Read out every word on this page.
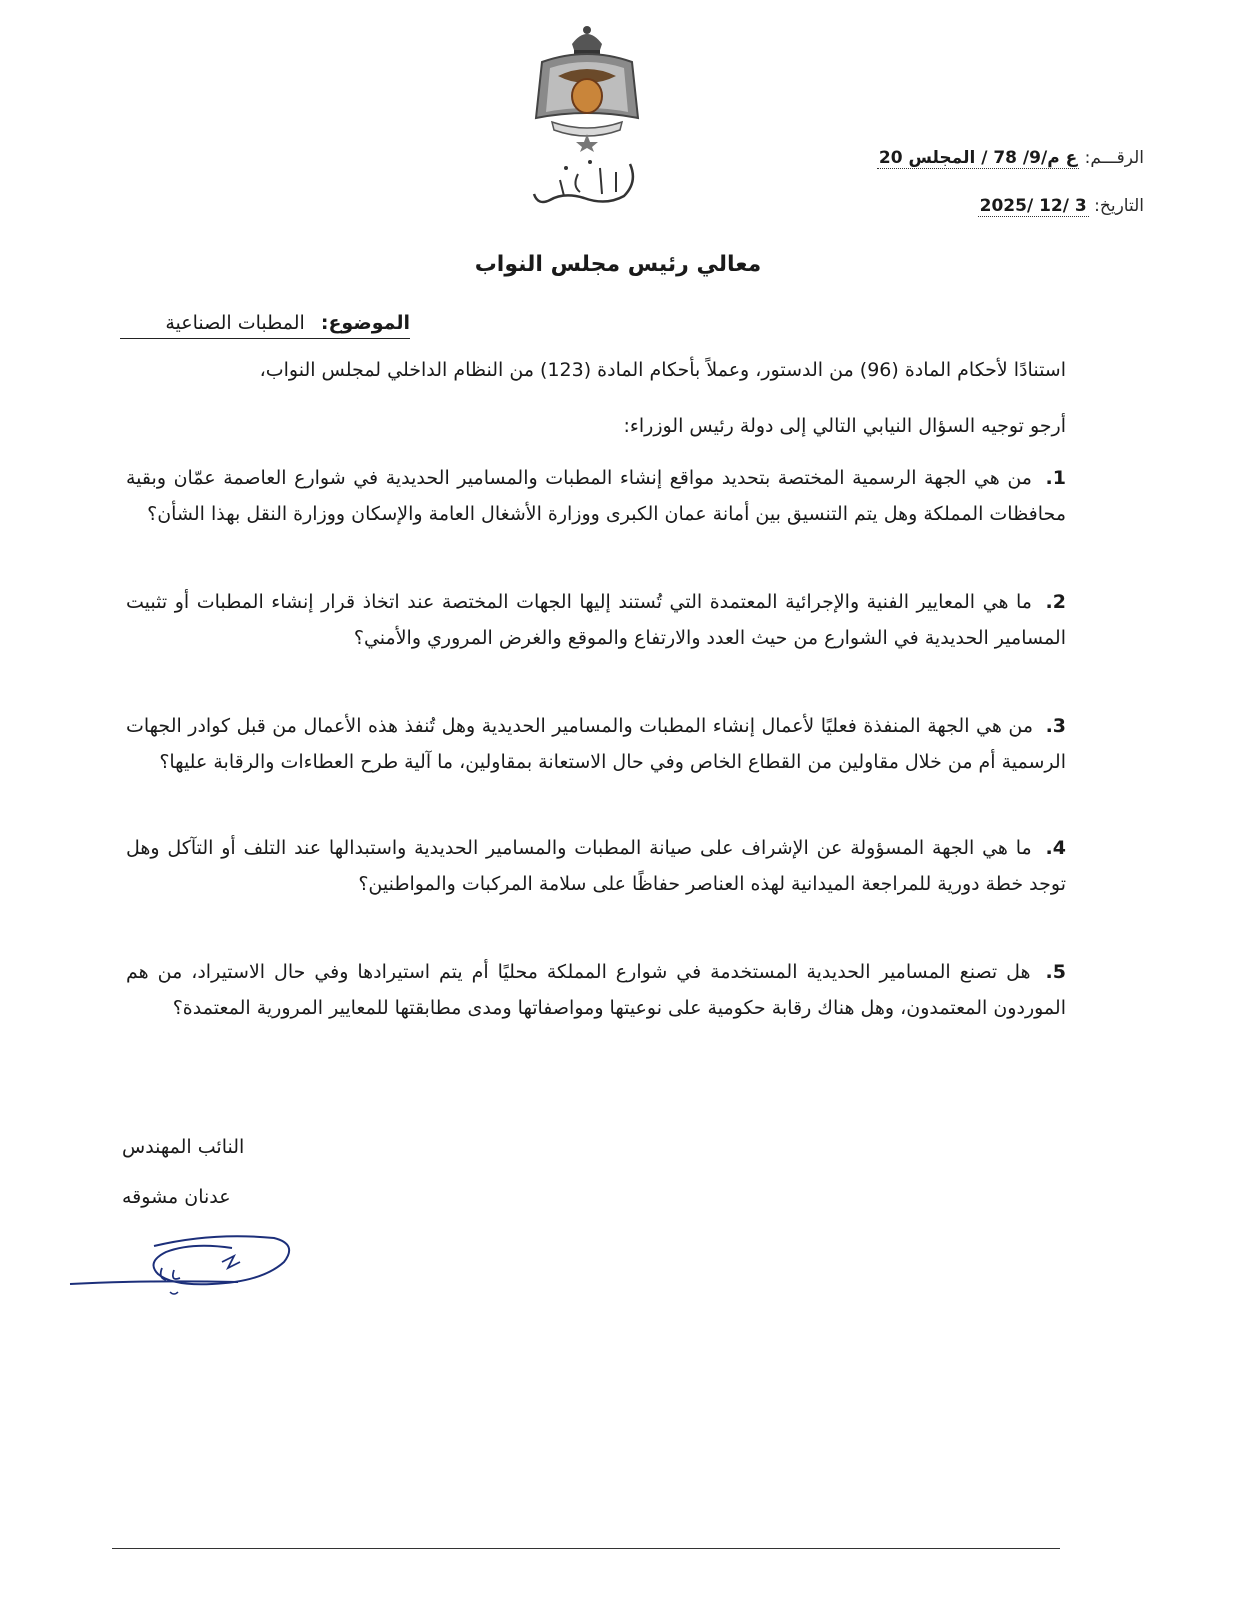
مجلس النواب
الرقـــم: ع م/9/ 78 / المجلس 20
التاريخ: 3 /12 /2025
معالي رئيس مجلس النواب
الموضوع: المطبات الصناعية
استنادًا لأحكام المادة (96) من الدستور، وعملاً بأحكام المادة (123) من النظام الداخلي لمجلس النواب،
أرجو توجيه السؤال النيابي التالي إلى دولة رئيس الوزراء:
1. من هي الجهة الرسمية المختصة بتحديد مواقع إنشاء المطبات والمسامير الحديدية في شوارع العاصمة عمّان وبقية محافظات المملكة وهل يتم التنسيق بين أمانة عمان الكبرى ووزارة الأشغال العامة والإسكان ووزارة النقل بهذا الشأن؟
2. ما هي المعايير الفنية والإجرائية المعتمدة التي تُستند إليها الجهات المختصة عند اتخاذ قرار إنشاء المطبات أو تثبيت المسامير الحديدية في الشوارع من حيث العدد والارتفاع والموقع والغرض المروري والأمني؟
3. من هي الجهة المنفذة فعليًا لأعمال إنشاء المطبات والمسامير الحديدية وهل تُنفذ هذه الأعمال من قبل كوادر الجهات الرسمية أم من خلال مقاولين من القطاع الخاص وفي حال الاستعانة بمقاولين، ما آلية طرح العطاءات والرقابة عليها؟
4. ما هي الجهة المسؤولة عن الإشراف على صيانة المطبات والمسامير الحديدية واستبدالها عند التلف أو التآكل وهل توجد خطة دورية للمراجعة الميدانية لهذه العناصر حفاظًا على سلامة المركبات والمواطنين؟
5. هل تصنع المسامير الحديدية المستخدمة في شوارع المملكة محليًا أم يتم استيرادها وفي حال الاستيراد، من هم الموردون المعتمدون، وهل هناك رقابة حكومية على نوعيتها ومواصفاتها ومدى مطابقتها للمعايير المرورية المعتمدة؟
النائب المهندس
عدنان مشوقه
